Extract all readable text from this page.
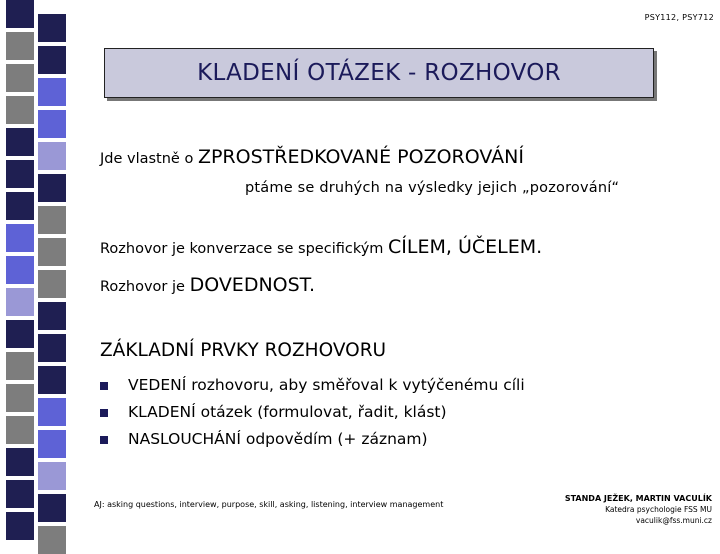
PSY112, PSY712
KLADENÍ OTÁZEK - ROZHOVOR
Jde vlastně o ZPROSTŘEDKOVANÉ POZOROVÁNÍ
ptáme se druhých na výsledky jejich „pozorování“
Rozhovor je konverzace se specifickým CÍLEM, ÚČELEM.
Rozhovor je DOVEDNOST.
ZÁKLADNÍ PRVKY ROZHOVORU
VEDENÍ rozhovoru, aby směřoval k vytýčenému cíli
KLADENÍ otázek (formulovat, řadit, klást)
NASLOUCHÁNÍ odpovědím (+ záznam)
AJ: asking questions, interview, purpose, skill, asking, listening, interview management
STANDA JEŽEK, MARTIN VACULÍK
Katedra psychologie FSS MU
vaculik@fss.muni.cz
